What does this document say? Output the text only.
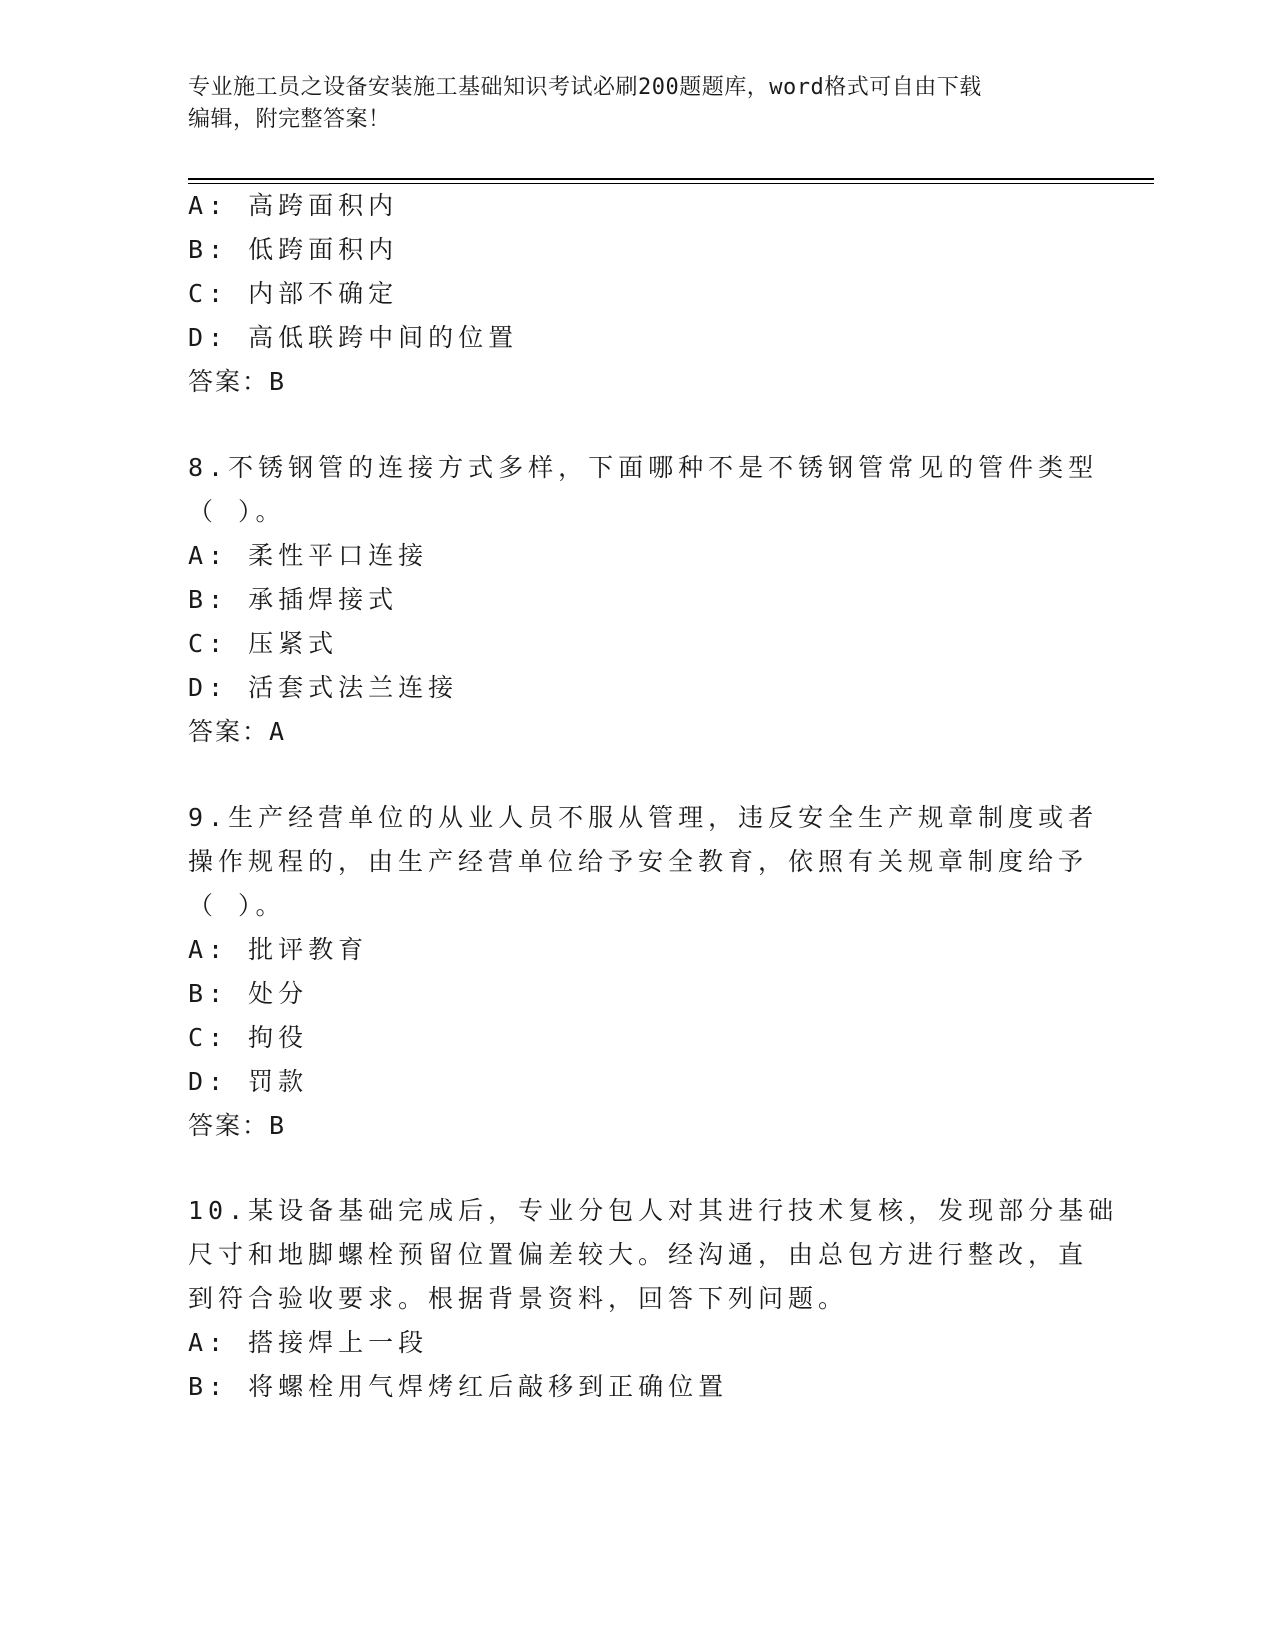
专业施工员之设备安装施工基础知识考试必刷200题题库，word格式可自由下载
编辑，附完整答案！
A: 高跨面积内
B: 低跨面积内
C: 内部不确定
D: 高低联跨中间的位置
答案：B
8.不锈钢管的连接方式多样，下面哪种不是不锈钢管常见的管件类型
（ ）。
A: 柔性平口连接
B: 承插焊接式
C: 压紧式
D: 活套式法兰连接
答案：A
9.生产经营单位的从业人员不服从管理，违反安全生产规章制度或者
操作规程的，由生产经营单位给予安全教育，依照有关规章制度给予
（ ）。
A: 批评教育
B: 处分
C: 拘役
D: 罚款
答案：B
10.某设备基础完成后，专业分包人对其进行技术复核，发现部分基础
尺寸和地脚螺栓预留位置偏差较大。经沟通，由总包方进行整改，直
到符合验收要求。根据背景资料，回答下列问题。
A: 搭接焊上一段
B: 将螺栓用气焊烤红后敲移到正确位置
